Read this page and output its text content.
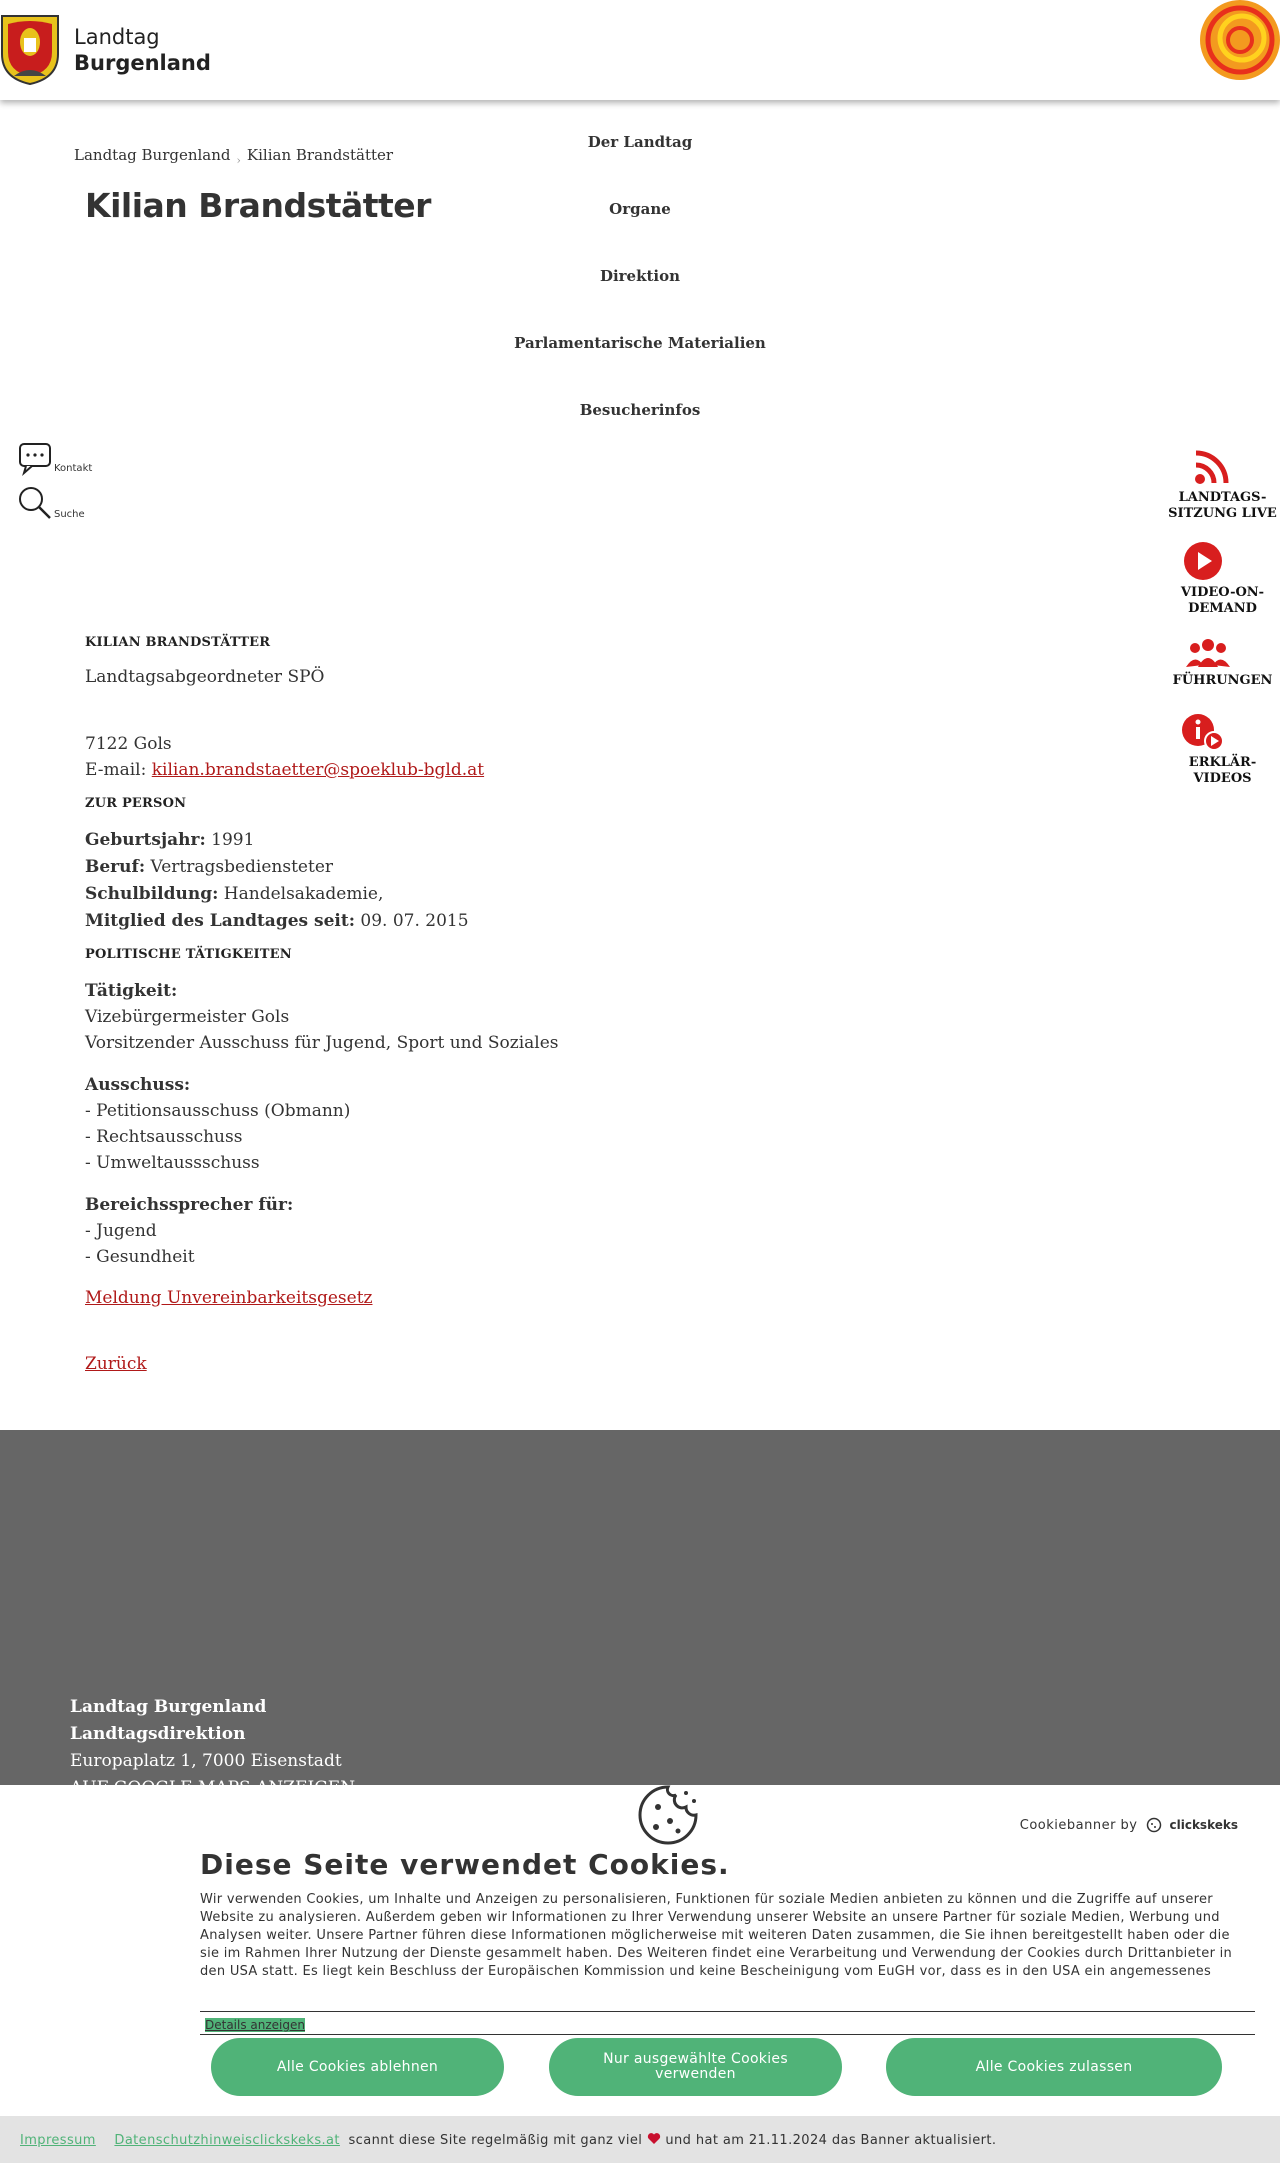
Landtag
Burgenland
Landtag Burgenland $_›$ Kilian Brandstätter
Kilian Brandstätter
Der Landtag
Organe
Direktion
Parlamentarische Materialien
Besucherinfos
Kontakt
Suche
LANDTAGS-
SITZUNG LIVE
VIDEO-ON-
DEMAND
FÜHRUNGEN
ERKLÄR-
VIDEOS
KILIAN BRANDSTÄTTER

Landtagsabgeordneter SPÖ

7122 Gols

E-mail: kilian.brandstaetter@spoeklub-bgld.at

ZUR PERSON

Geburtsjahr: 1991

Beruf: Vertragsbediensteter

Schulbildung: Handelsakademie,

Mitglied des Landtages seit: 09. 07. 2015

POLITISCHE TÄTIGKEITEN

Tätigkeit:

Vizebürgermeister Gols

Vorsitzender Ausschuss für Jugend, Sport und Soziales

Ausschuss:

- Petitionsausschuss (Obmann)

- Rechtsausschuss

- Umweltaussschuss

Bereichssprecher für:

- Jugend

- Gesundheit

Meldung Unvereinbarkeitsgesetz

Zurück

Landtag Burgenland
Landtagsdirektion
Europaplatz 1, 7000 Eisenstadt
Cookiebanner by	clickskeks
Diese Seite verwendet Cookies.

Wir verwenden Cookies, um Inhalte und Anzeigen zu personalisieren, Funktionen für soziale Medien anbieten zu können und die Zugriffe auf unserer Website zu analysieren. Außerdem geben wir Informationen zu Ihrer Verwendung unserer Website an unsere Partner für soziale Medien, Werbung und Analysen weiter. Unsere Partner führen diese Informationen möglicherweise mit weiteren Daten zusammen, die Sie ihnen bereitgestellt haben oder die sie im Rahmen Ihrer Nutzung der Dienste gesammelt haben. Des Weiteren findet eine Verarbeitung und Verwendung der Cookies durch Drittanbieter in den USA statt. Es liegt kein Beschluss der Europäischen Kommission und keine Bescheinigung vom EuGH vor, dass es in den USA ein angemessenes

Details anzeigen
Alle Cookies ablehnen	Nur ausgewählte Cookies
verwenden	Alle Cookies zulassen
Impressum Datenschutzhinweisclickskeks.at scannt diese Site regelmäßig mit ganz viel und hat am 21.11.2024 das Banner aktualisiert.
